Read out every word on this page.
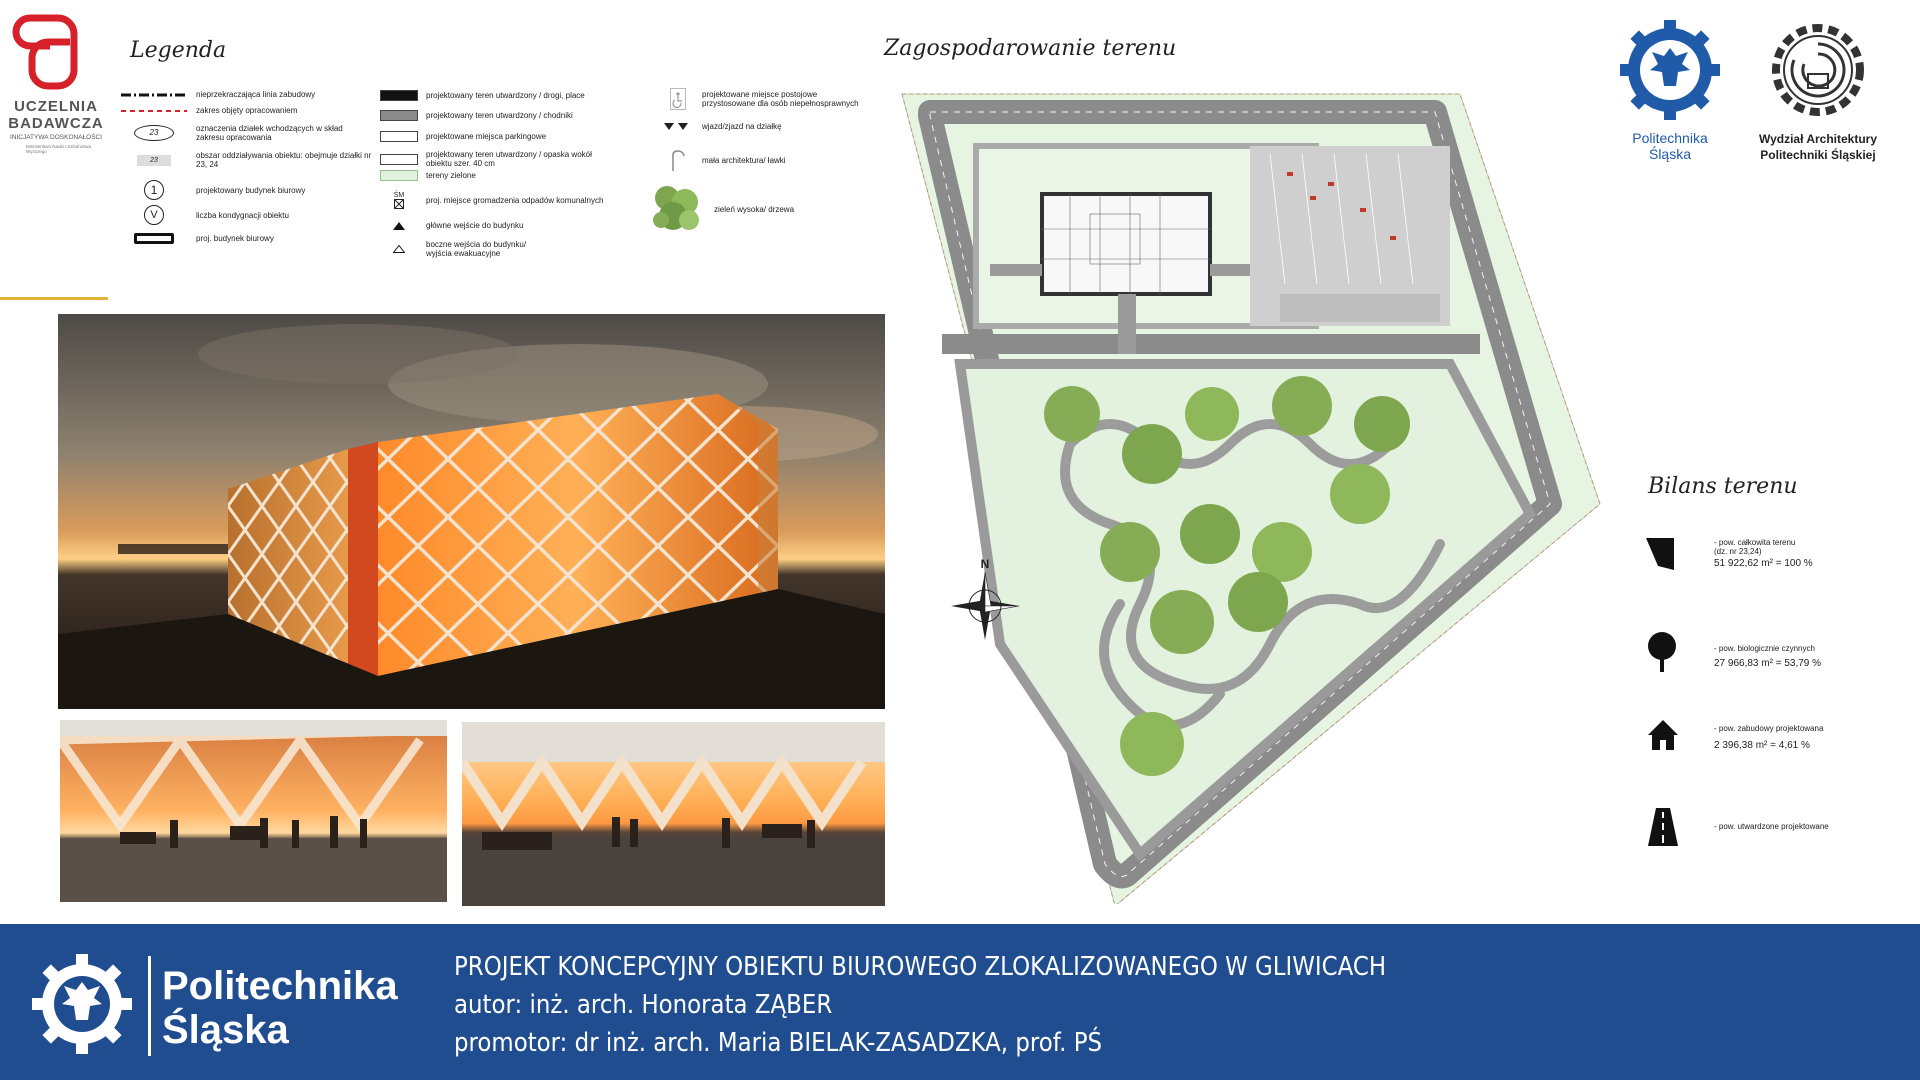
UCZELNIA
BADAWCZA
INICJATYWA DOSKONAŁOŚCI
Ministerstwo Nauki i Szkolnictwa Wyższego
Legenda
nieprzekraczająca linia zabudowy
zakres objęty opracowaniem
23	oznaczenia działek wchodzących w skład zakresu opracowania
23	obszar oddziaływania obiektu: obejmuje działki nr 23, 24
1	projektowany budynek biurowy
V	liczba kondygnacji obiektu
proj. budynek biurowy
projektowany teren utwardzony / drogi, place
projektowany teren utwardzony / chodniki
projektowane miejsca parkingowe
projektowany teren utwardzony / opaska wokół obiektu szer. 40 cm
tereny zielone
ŚM
proj. miejsce gromadzenia odpadów komunalnych
główne wejście do budynku
boczne wejścia do budynku/ wyjścia ewakuacyjne
projektowane miejsce postojowe przystosowane dla osób niepełnosprawnych
wjazd/zjazd na działkę
mała architektura/ ławki
zieleń wysoka/ drzewa
Zagospodarowanie terenu
N
Politechnika
Śląska
Wydział Architektury
Politechniki Śląskiej
Bilans terenu
- pow. całkowita terenu
(dz. nr 23,24)
51 922,62 m² = 100 %
- pow. biologicznie czynnych
27 966,83 m² = 53,79 %
- pow. zabudowy projektowana
2 396,38 m² = 4,61 %
- pow. utwardzone projektowane
Politechnika
Śląska
PROJEKT KONCEPCYJNY OBIEKTU BIUROWEGO ZLOKALIZOWANEGO W GLIWICACH
autor: inż. arch. Honorata ZĄBER
promotor: dr inż. arch. Maria BIELAK-ZASADZKA, prof. PŚ
